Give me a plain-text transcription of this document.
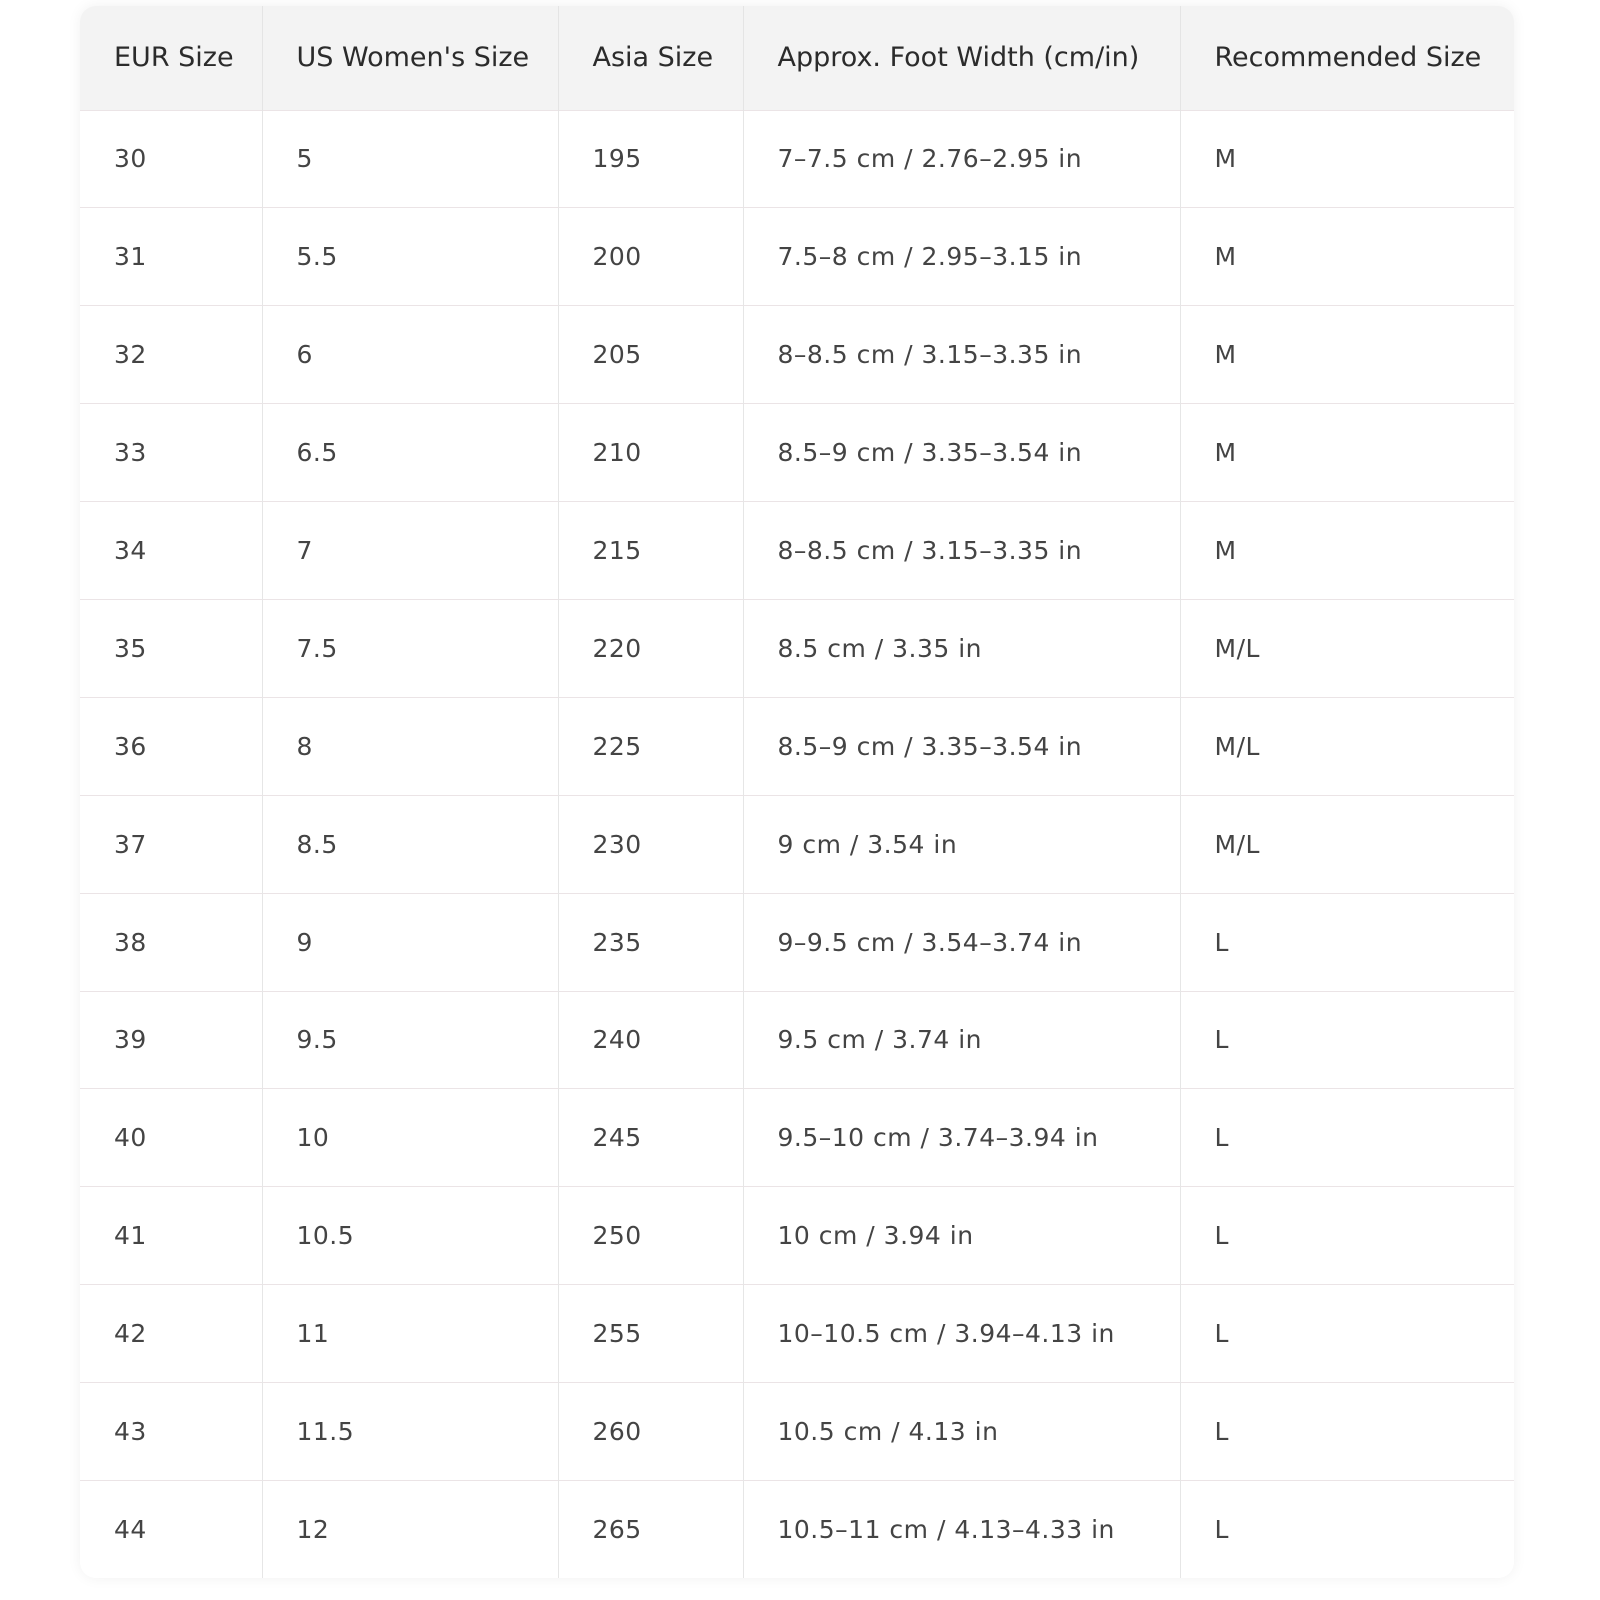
EUR Size	US Women's Size	Asia Size	Approx. Foot Width (cm/in)	Recommended Size
30	5	195	7–7.5 cm / 2.76–2.95 in	M
31	5.5	200	7.5–8 cm / 2.95–3.15 in	M
32	6	205	8–8.5 cm / 3.15–3.35 in	M
33	6.5	210	8.5–9 cm / 3.35–3.54 in	M
34	7	215	8–8.5 cm / 3.15–3.35 in	M
35	7.5	220	8.5 cm / 3.35 in	M/L
36	8	225	8.5–9 cm / 3.35–3.54 in	M/L
37	8.5	230	9 cm / 3.54 in	M/L
38	9	235	9–9.5 cm / 3.54–3.74 in	L
39	9.5	240	9.5 cm / 3.74 in	L
40	10	245	9.5–10 cm / 3.74–3.94 in	L
41	10.5	250	10 cm / 3.94 in	L
42	11	255	10–10.5 cm / 3.94–4.13 in	L
43	11.5	260	10.5 cm / 4.13 in	L
44	12	265	10.5–11 cm / 4.13–4.33 in	L
